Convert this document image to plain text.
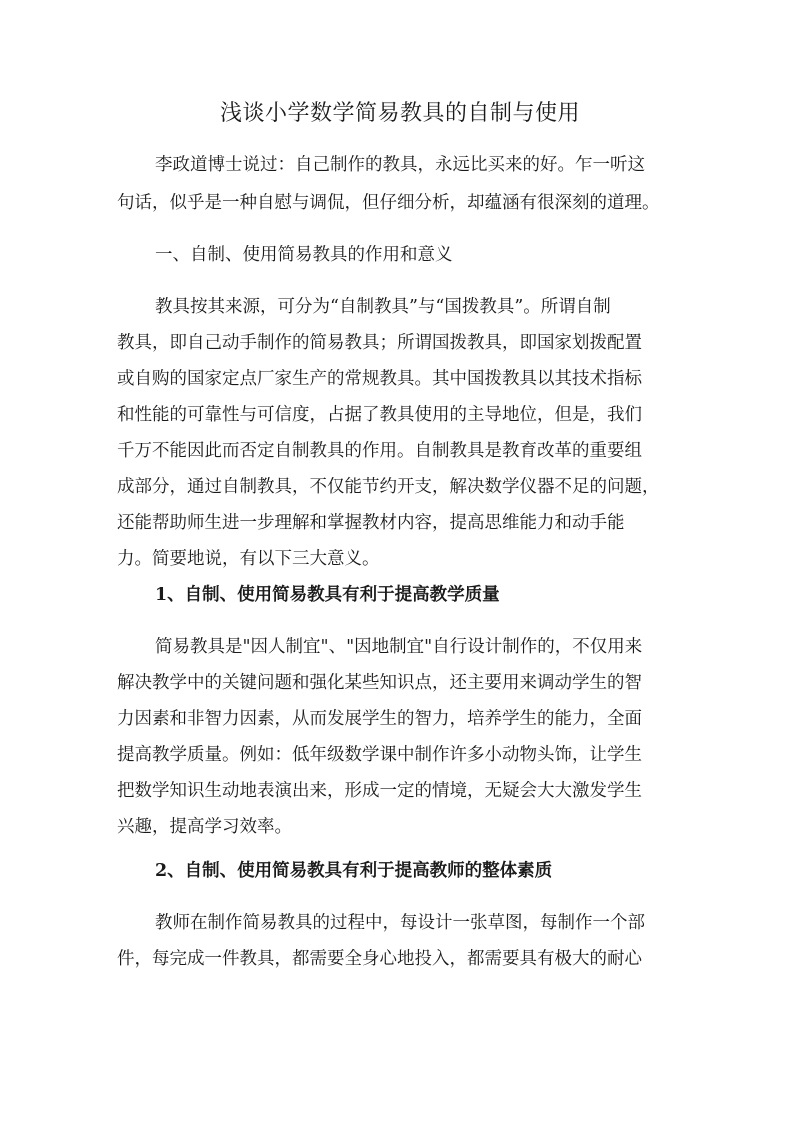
浅谈小学数学简易教具的自制与使用
李政道博士说过：自己制作的教具，永远比买来的好。乍一听这
句话，似乎是一种自慰与调侃，但仔细分析，却蕴涵有很深刻的道理。
一、自制、使用简易教具的作用和意义
教具按其来源，可分为“自制教具”与“国拨教具”。所谓自制
教具，即自己动手制作的简易教具；所谓国拨教具，即国家划拨配置
或自购的国家定点厂家生产的常规教具。其中国拨教具以其技术指标
和性能的可靠性与可信度，占据了教具使用的主导地位，但是，我们
千万不能因此而否定自制教具的作用。自制教具是教育改革的重要组
成部分，通过自制教具，不仅能节约开支，解决数学仪器不足的问题，
还能帮助师生进一步理解和掌握教材内容，提高思维能力和动手能
力。简要地说，有以下三大意义。
1、自制、使用简易教具有利于提高教学质量
简易教具是"因人制宜"、"因地制宜"自行设计制作的，不仅用来
解决教学中的关键问题和强化某些知识点，还主要用来调动学生的智
力因素和非智力因素，从而发展学生的智力，培养学生的能力，全面
提高教学质量。例如：低年级数学课中制作许多小动物头饰，让学生
把数学知识生动地表演出来，形成一定的情境，无疑会大大激发学生
兴趣，提高学习效率。
2、自制、使用简易教具有利于提高教师的整体素质
教师在制作简易教具的过程中，每设计一张草图，每制作一个部
件，每完成一件教具，都需要全身心地投入，都需要具有极大的耐心
